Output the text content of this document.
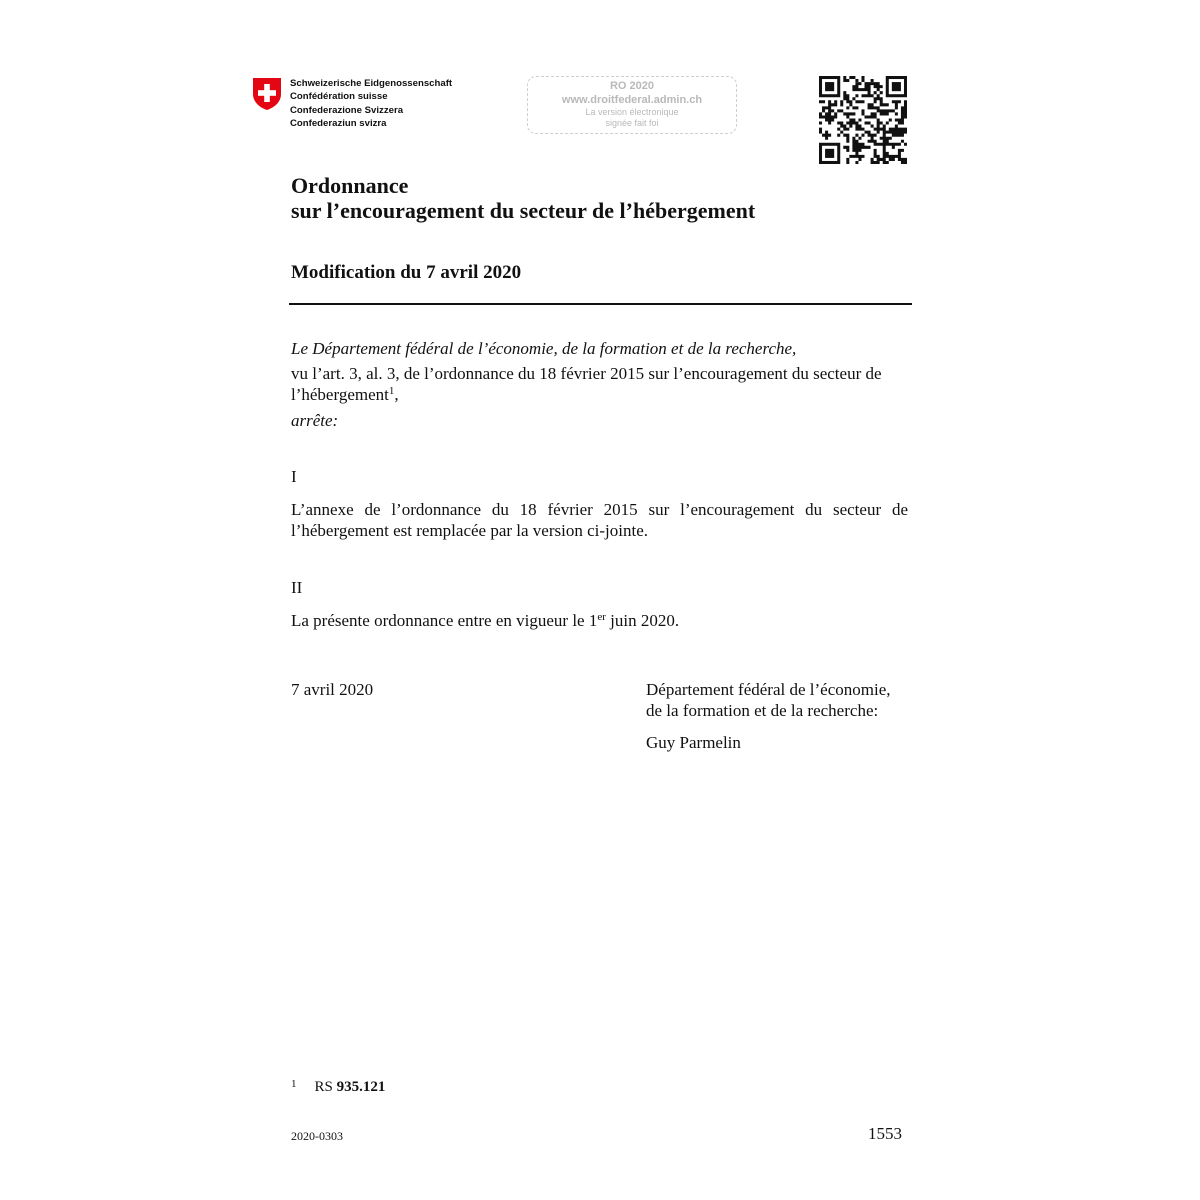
Schweizerische Eidgenossenschaft
Confédération suisse
Confederazione Svizzera
Confederaziun svizra
RO 2020
www.droitfederal.admin.ch
La version électronique
signée fait foi
Ordonnance
sur l’encouragement du secteur de l’hébergement
Modification du 7 avril 2020
Le Département fédéral de l’économie, de la formation et de la recherche,
vu l’art. 3, al. 3, de l’ordonnance du 18 février 2015 sur l’encouragement du secteur de l’hébergement$^1$,
arrête:
I
L’annexe de l’ordonnance du 18 février 2015 sur l’encouragement du secteur de l’hébergement est remplacée par la version ci-jointe.
II
La présente ordonnance entre en vigueur le 1er juin 2020.
7 avril 2020	Département fédéral de l’économie,
de la formation et de la recherche:
Guy Parmelin
$^1$ RS 935.121
2020-0303	1553
